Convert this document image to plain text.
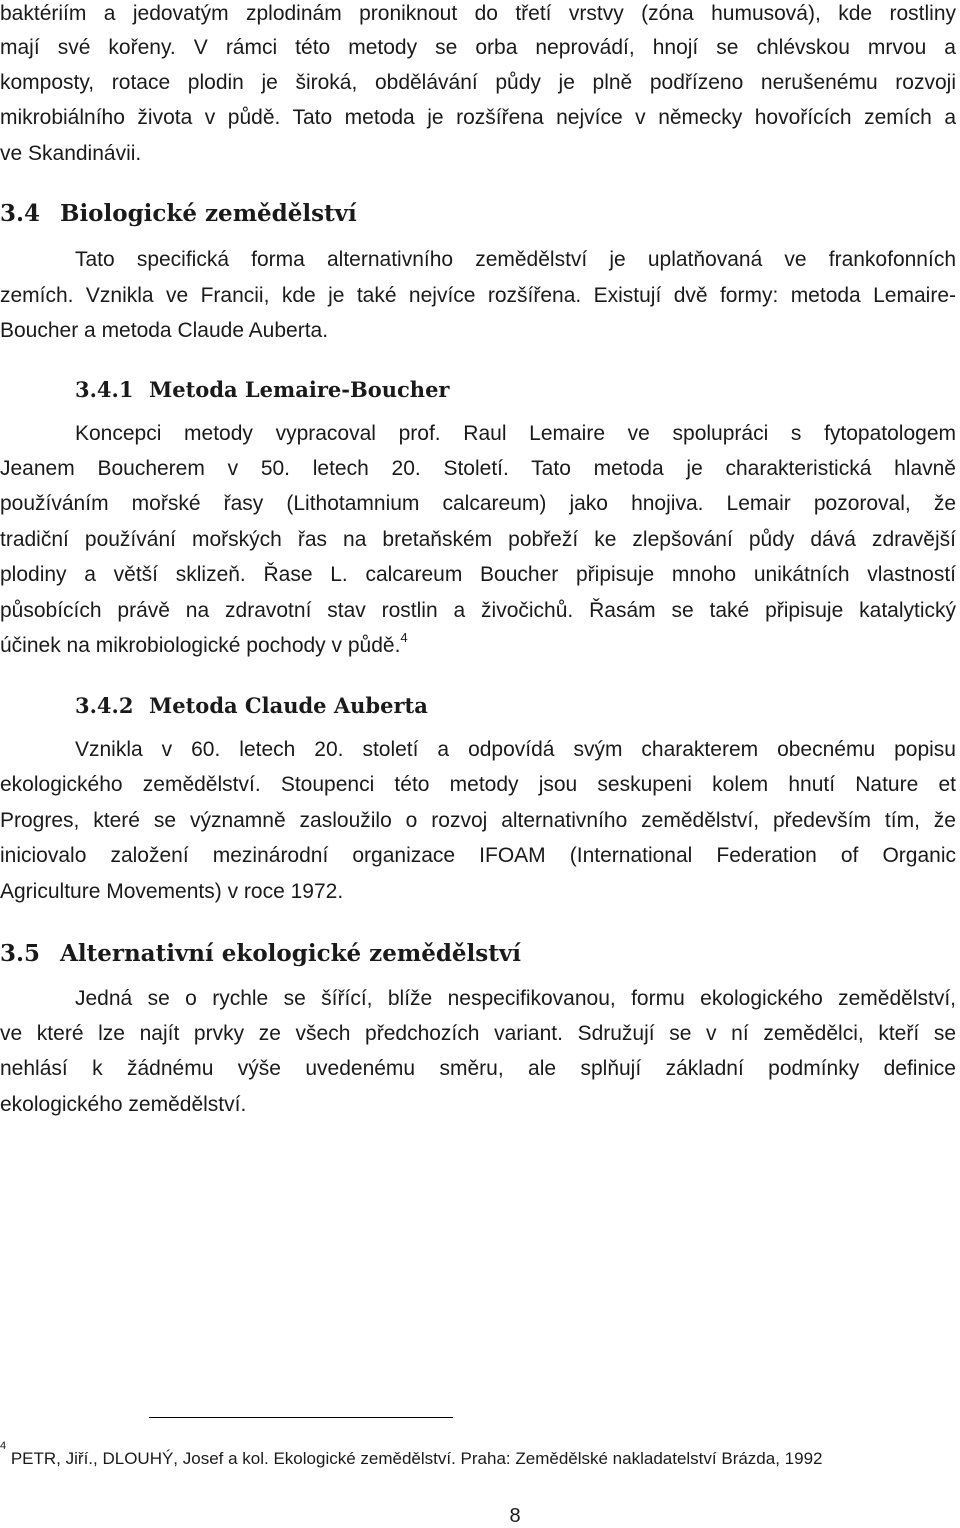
baktériím a jedovatým zplodinám proniknout do třetí vrstvy (zóna humusová), kde rostliny
mají své kořeny. V rámci této metody se orba neprovádí, hnojí se chlévskou mrvou a
komposty, rotace plodin je široká, obdělávání půdy je plně podřízeno nerušenému rozvoji
mikrobiálního života v půdě. Tato metoda je rozšířena nejvíce v německy hovořících zemích a
ve Skandinávii.
3.4 Biologické zemědělství
Tato specifická forma alternativního zemědělství je uplatňovaná ve frankofonních
zemích. Vznikla ve Francii, kde je také nejvíce rozšířena. Existují dvě formy: metoda Lemaire-
Boucher a metoda Claude Auberta.
3.4.1 Metoda Lemaire-Boucher
Koncepci metody vypracoval prof. Raul Lemaire ve spolupráci s fytopatologem
Jeanem Boucherem v 50. letech 20. Století. Tato metoda je charakteristická hlavně
používáním mořské řasy (Lithotamnium calcareum) jako hnojiva. Lemair pozoroval, že
tradiční používání mořských řas na bretaňském pobřeží ke zlepšování půdy dává zdravější
plodiny a větší sklizeň. Řase L. calcareum Boucher připisuje mnoho unikátních vlastností
působících právě na zdravotní stav rostlin a živočichů. Řasám se také připisuje katalytický
účinek na mikrobiologické pochody v půdě.$^4$
3.4.2 Metoda Claude Auberta
Vznikla v 60. letech 20. století a odpovídá svým charakterem obecnému popisu
ekologického zemědělství. Stoupenci této metody jsou seskupeni kolem hnutí Nature et
Progres, které se významně zasloužilo o rozvoj alternativního zemědělství, především tím, že
iniciovalo založení mezinárodní organizace IFOAM (International Federation of Organic
Agriculture Movements) v roce 1972.
3.5 Alternativní ekologické zemědělství
Jedná se o rychle se šířící, blíže nespecifikovanou, formu ekologického zemědělství,
ve které lze najít prvky ze všech předchozích variant. Sdružují se v ní zemědělci, kteří se
nehlásí k žádnému výše uvedenému směru, ale splňují základní podmínky definice
ekologického zemědělství.
$^4$ PETR, Jiří., DLOUHÝ, Josef a kol. Ekologické zemědělství. Praha: Zemědělské nakladatelství Brázda, 1992
8
